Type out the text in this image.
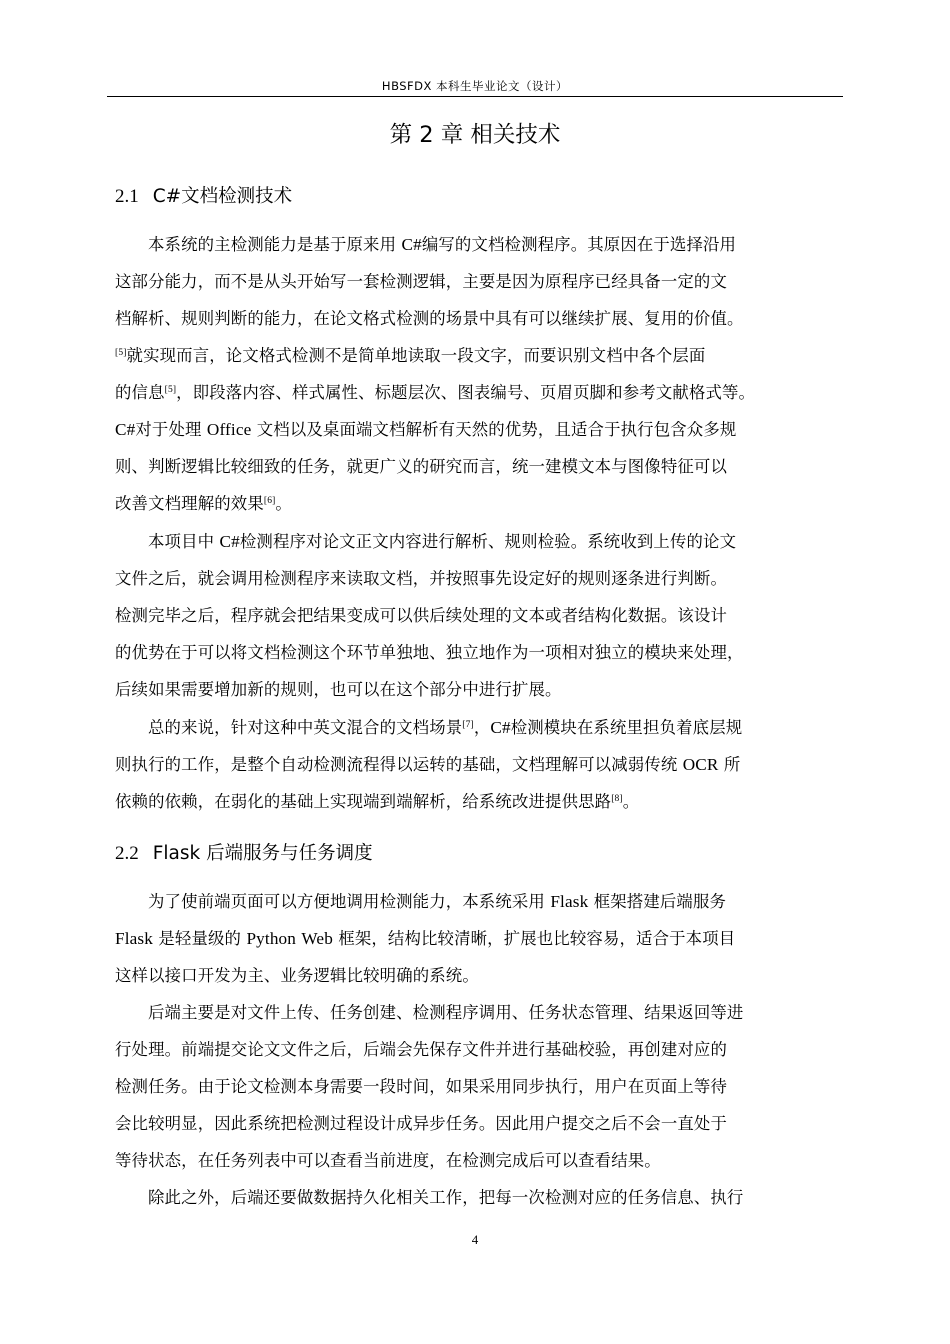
HBSFDX 本科生毕业论文（设计）
第 2 章 相关技术
2.1 C#文档检测技术
本系统的主检测能力是基于原来用 C#编写的文档检测程序。其原因在于选择沿用
这部分能力，而不是从头开始写一套检测逻辑，主要是因为原程序已经具备一定的文
档解析、规则判断的能力，在论文格式检测的场景中具有可以继续扩展、复用的价值。
[5]就实现而言，论文格式检测不是简单地读取一段文字，而要识别文档中各个层面
的信息[5]，即段落内容、样式属性、标题层次、图表编号、页眉页脚和参考文献格式等。
C#对于处理 Office 文档以及桌面端文档解析有天然的优势，且适合于执行包含众多规
则、判断逻辑比较细致的任务，就更广义的研究而言，统一建模文本与图像特征可以
改善文档理解的效果[6]。
本项目中 C#检测程序对论文正文内容进行解析、规则检验。系统收到上传的论文
文件之后，就会调用检测程序来读取文档，并按照事先设定好的规则逐条进行判断。
检测完毕之后，程序就会把结果变成可以供后续处理的文本或者结构化数据。该设计
的优势在于可以将文档检测这个环节单独地、独立地作为一项相对独立的模块来处理，
后续如果需要增加新的规则，也可以在这个部分中进行扩展。
总的来说，针对这种中英文混合的文档场景[7]，C#检测模块在系统里担负着底层规
则执行的工作，是整个自动检测流程得以运转的基础，文档理解可以减弱传统 OCR 所
依赖的依赖，在弱化的基础上实现端到端解析，给系统改进提供思路[8]。
为了使前端页面可以方便地调用检测能力，本系统采用 Flask 框架搭建后端服务
Flask 是轻量级的 Python Web 框架，结构比较清晰，扩展也比较容易，适合于本项目
这样以接口开发为主、业务逻辑比较明确的系统。
后端主要是对文件上传、任务创建、检测程序调用、任务状态管理、结果返回等进
行处理。前端提交论文文件之后，后端会先保存文件并进行基础校验，再创建对应的
检测任务。由于论文检测本身需要一段时间，如果采用同步执行，用户在页面上等待
会比较明显，因此系统把检测过程设计成异步任务。因此用户提交之后不会一直处于
等待状态，在任务列表中可以查看当前进度，在检测完成后可以查看结果。
除此之外，后端还要做数据持久化相关工作，把每一次检测对应的任务信息、执行
2.2 Flask 后端服务与任务调度
4
